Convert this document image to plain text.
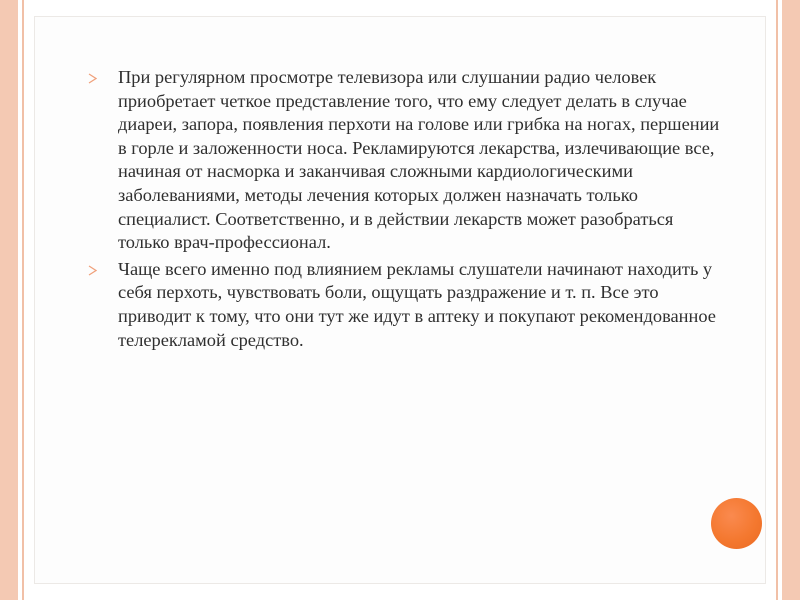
При регулярном просмотре телевизора или слушании радио человек приобретает четкое представление того, что ему следует делать в случае диареи, запора, появления перхоти на голове или грибка на ногах, першении в горле и заложенности носа. Рекламируются лекарства, излечивающие все, начиная от насморка и заканчивая сложными кардиологическими заболеваниями, методы лечения которых должен назначать только специалист. Соответственно, и в действии лекарств может разобраться только врач-профессионал.
Чаще всего именно под влиянием рекламы слушатели начинают находить у себя перхоть, чувствовать боли, ощущать раздражение и т. п. Все это приводит к тому, что они тут же идут в аптеку и покупают рекомендованное телерекламой средство.
